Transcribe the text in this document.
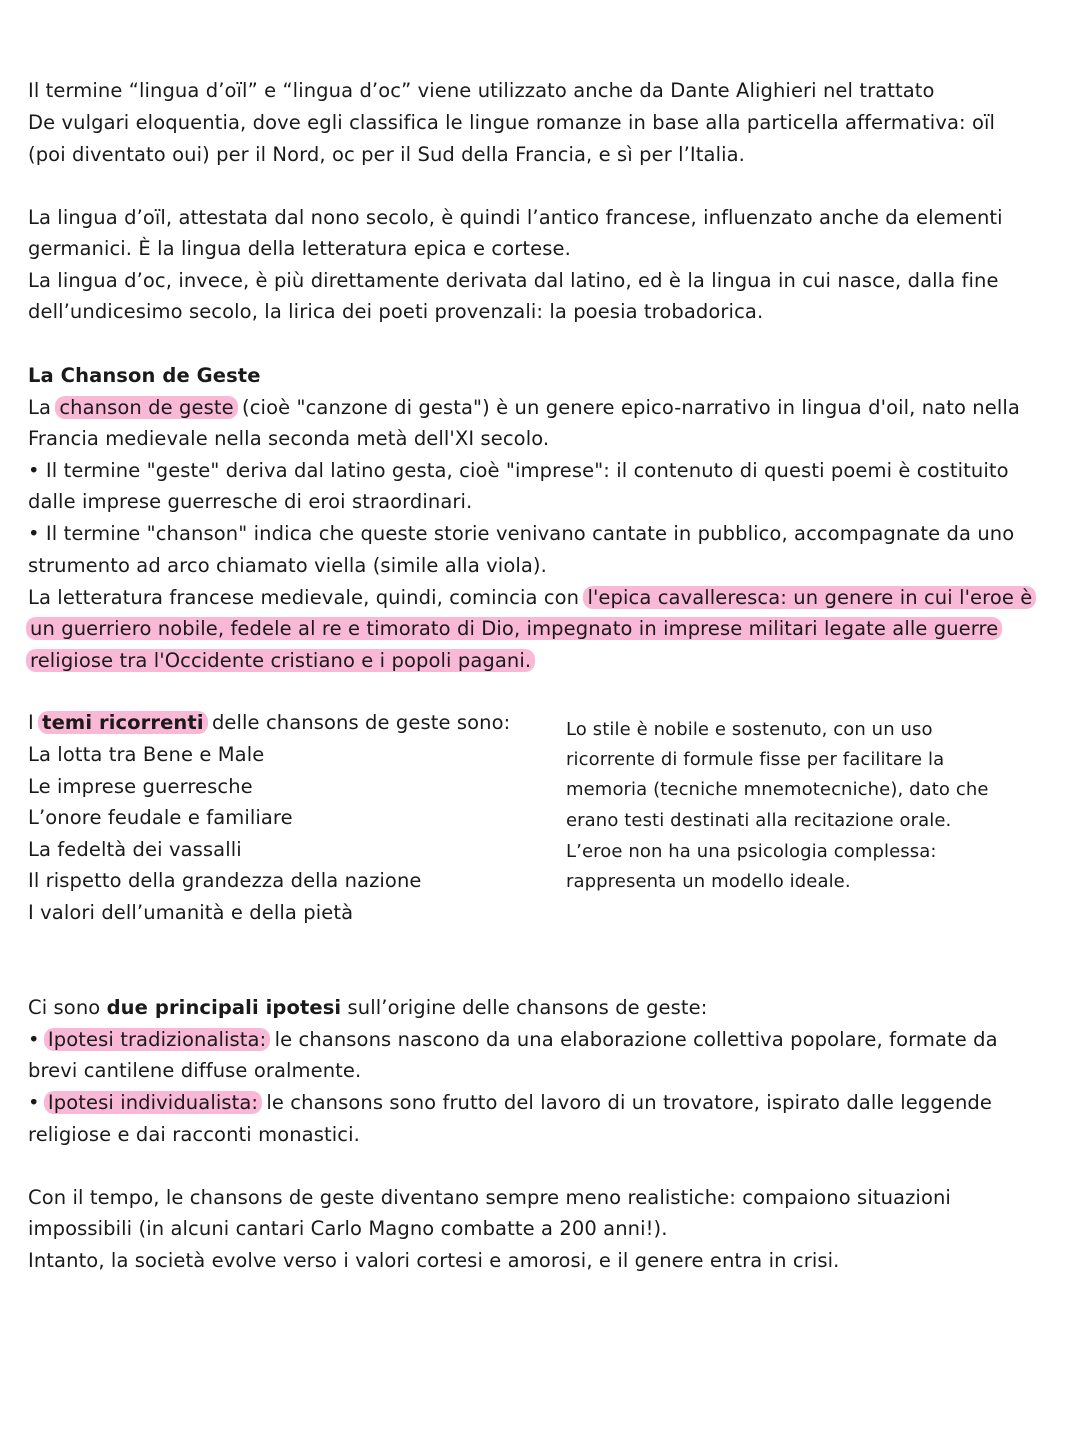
Il termine “lingua d’oïl” e “lingua d’oc” viene utilizzato anche da Dante Alighieri nel trattato
De vulgari eloquentia, dove egli classifica le lingue romanze in base alla particella affermativa: oïl
(poi diventato oui) per il Nord, oc per il Sud della Francia, e sì per l’Italia.
La lingua d’oïl, attestata dal nono secolo, è quindi l’antico francese, influenzato anche da elementi
germanici. È la lingua della letteratura epica e cortese.
La lingua d’oc, invece, è più direttamente derivata dal latino, ed è la lingua in cui nasce, dalla fine
dell’undicesimo secolo, la lirica dei poeti provenzali: la poesia trobadorica.
La Chanson de Geste
La chanson de geste (cioè "canzone di gesta") è un genere epico-narrativo in lingua d'oil, nato nella
Francia medievale nella seconda metà dell'XI secolo.
• Il termine "geste" deriva dal latino gesta, cioè "imprese": il contenuto di questi poemi è costituito
dalle imprese guerresche di eroi straordinari.
• Il termine "chanson" indica che queste storie venivano cantate in pubblico, accompagnate da uno
strumento ad arco chiamato viella (simile alla viola).
La letteratura francese medievale, quindi, comincia con l'epica cavalleresca: un genere in cui l'eroe è
un guerriero nobile, fedele al re e timorato di Dio, impegnato in imprese militari legate alle guerre
religiose tra l'Occidente cristiano e i popoli pagani.
I temi ricorrenti delle chansons de geste sono:
La lotta tra Bene e Male
Le imprese guerresche
L’onore feudale e familiare
La fedeltà dei vassalli
Il rispetto della grandezza della nazione
I valori dell’umanità e della pietà
Lo stile è nobile e sostenuto, con un uso
ricorrente di formule fisse per facilitare la
memoria (tecniche mnemotecniche), dato che
erano testi destinati alla recitazione orale.
L’eroe non ha una psicologia complessa:
rappresenta un modello ideale.
Ci sono due principali ipotesi sull’origine delle chansons de geste:
• Ipotesi tradizionalista: le chansons nascono da una elaborazione collettiva popolare, formate da
brevi cantilene diffuse oralmente.
• Ipotesi individualista: le chansons sono frutto del lavoro di un trovatore, ispirato dalle leggende
religiose e dai racconti monastici.
Con il tempo, le chansons de geste diventano sempre meno realistiche: compaiono situazioni
impossibili (in alcuni cantari Carlo Magno combatte a 200 anni!).
Intanto, la società evolve verso i valori cortesi e amorosi, e il genere entra in crisi.
